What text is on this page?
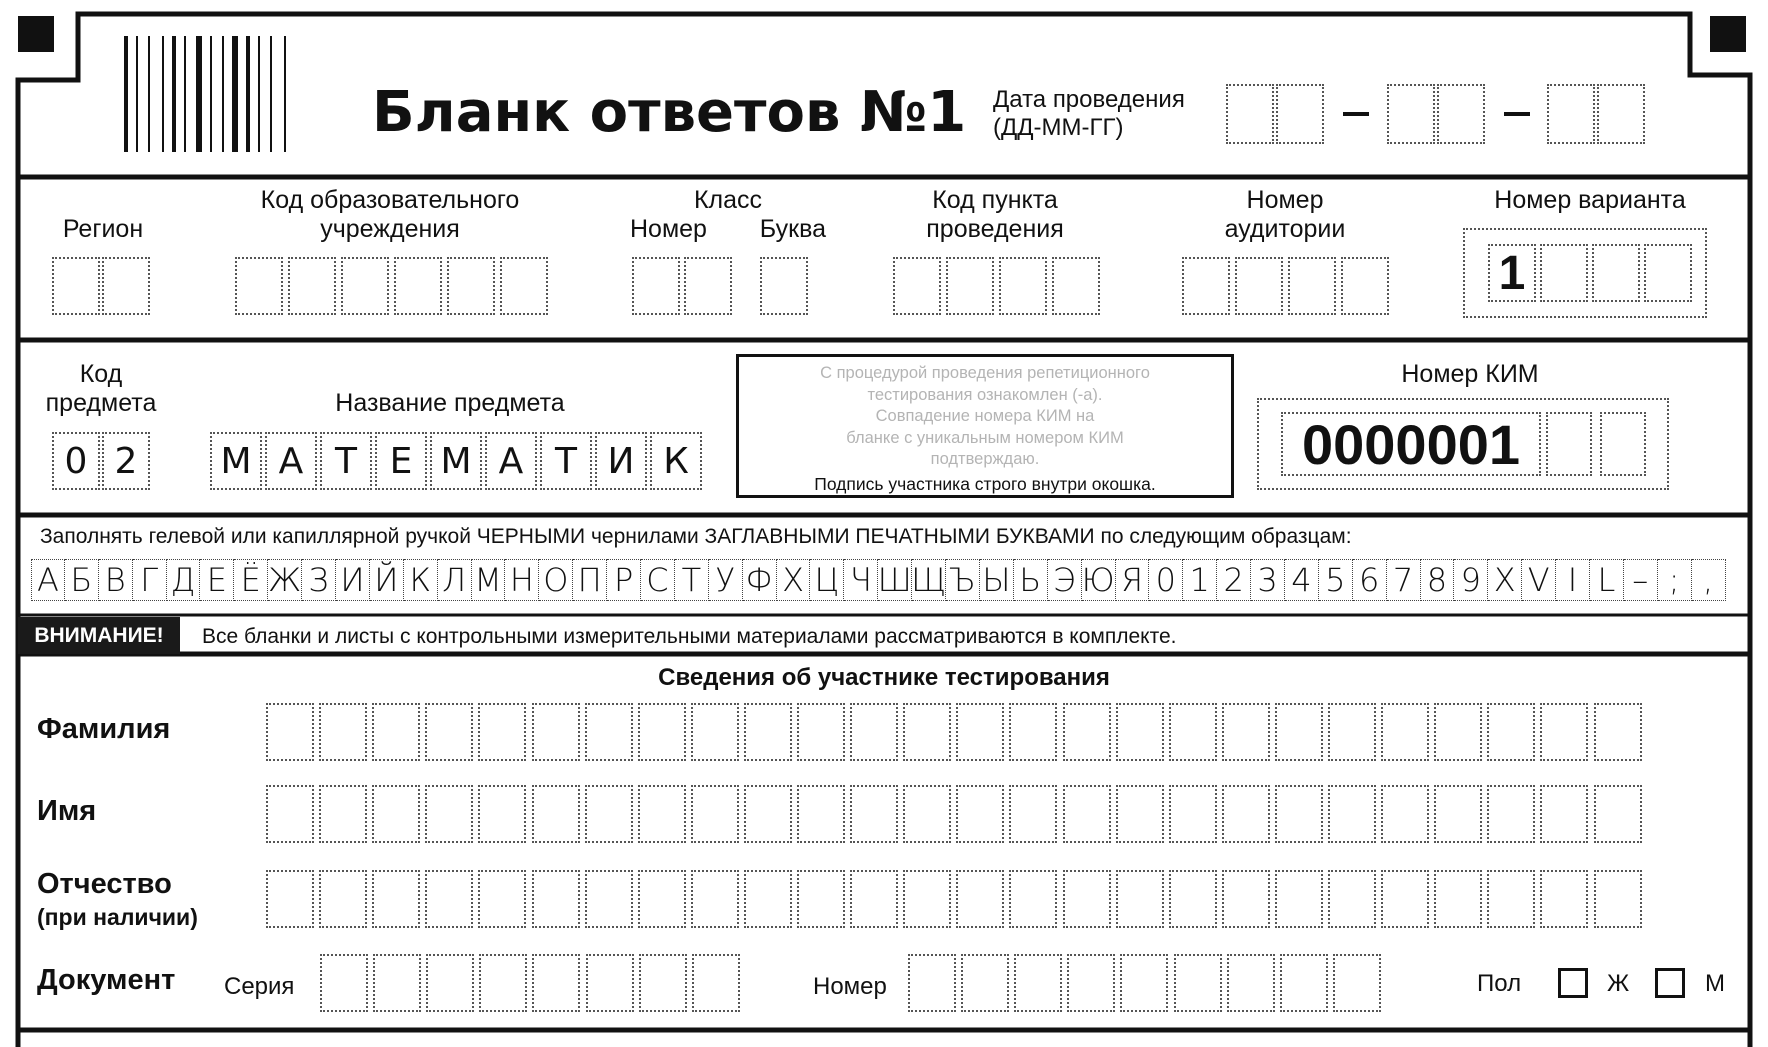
Бланк ответов №1 Дата проведения
(ДД-ММ-ГГ)
Регион
Код образовательного
учреждения
Класс
Номер Буква
Код пункта
проведения
Номер
аудитории
Номер варианта
1
Код
предмета
0 2
Название предмета
М А Т Е М А Т И К
С процедурой проведения репетиционного
тестирования ознакомлен (-а).
Совпадение номера КИМ на
бланке с уникальным номером КИМ
подтверждаю.
Подпись участника строго внутри окошка.
Номер КИМ
0000001
Заполнять гелевой или капиллярной ручкой ЧЕРНЫМИ чернилами ЗАГЛАВНЫМИ ПЕЧАТНЫМИ БУКВАМИ по следующим образцам:
А Б В Г Д Е Ё Ж З И Й К Л М Н О П Р С Т У Ф Х Ц Ч Ш Щ Ъ Ы Ь Э Ю Я 0 1 2 3 4 5 6 7 8 9 X V I L – ; ,
ВНИМАНИЕ!	Все бланки и листы с контрольными измерительными материалами рассматриваются в комплекте.
Сведения об участнике тестирования
Фамилия
Имя
Отчество
(при наличии)
Документ Серия	Номер	Пол	Ж	М
